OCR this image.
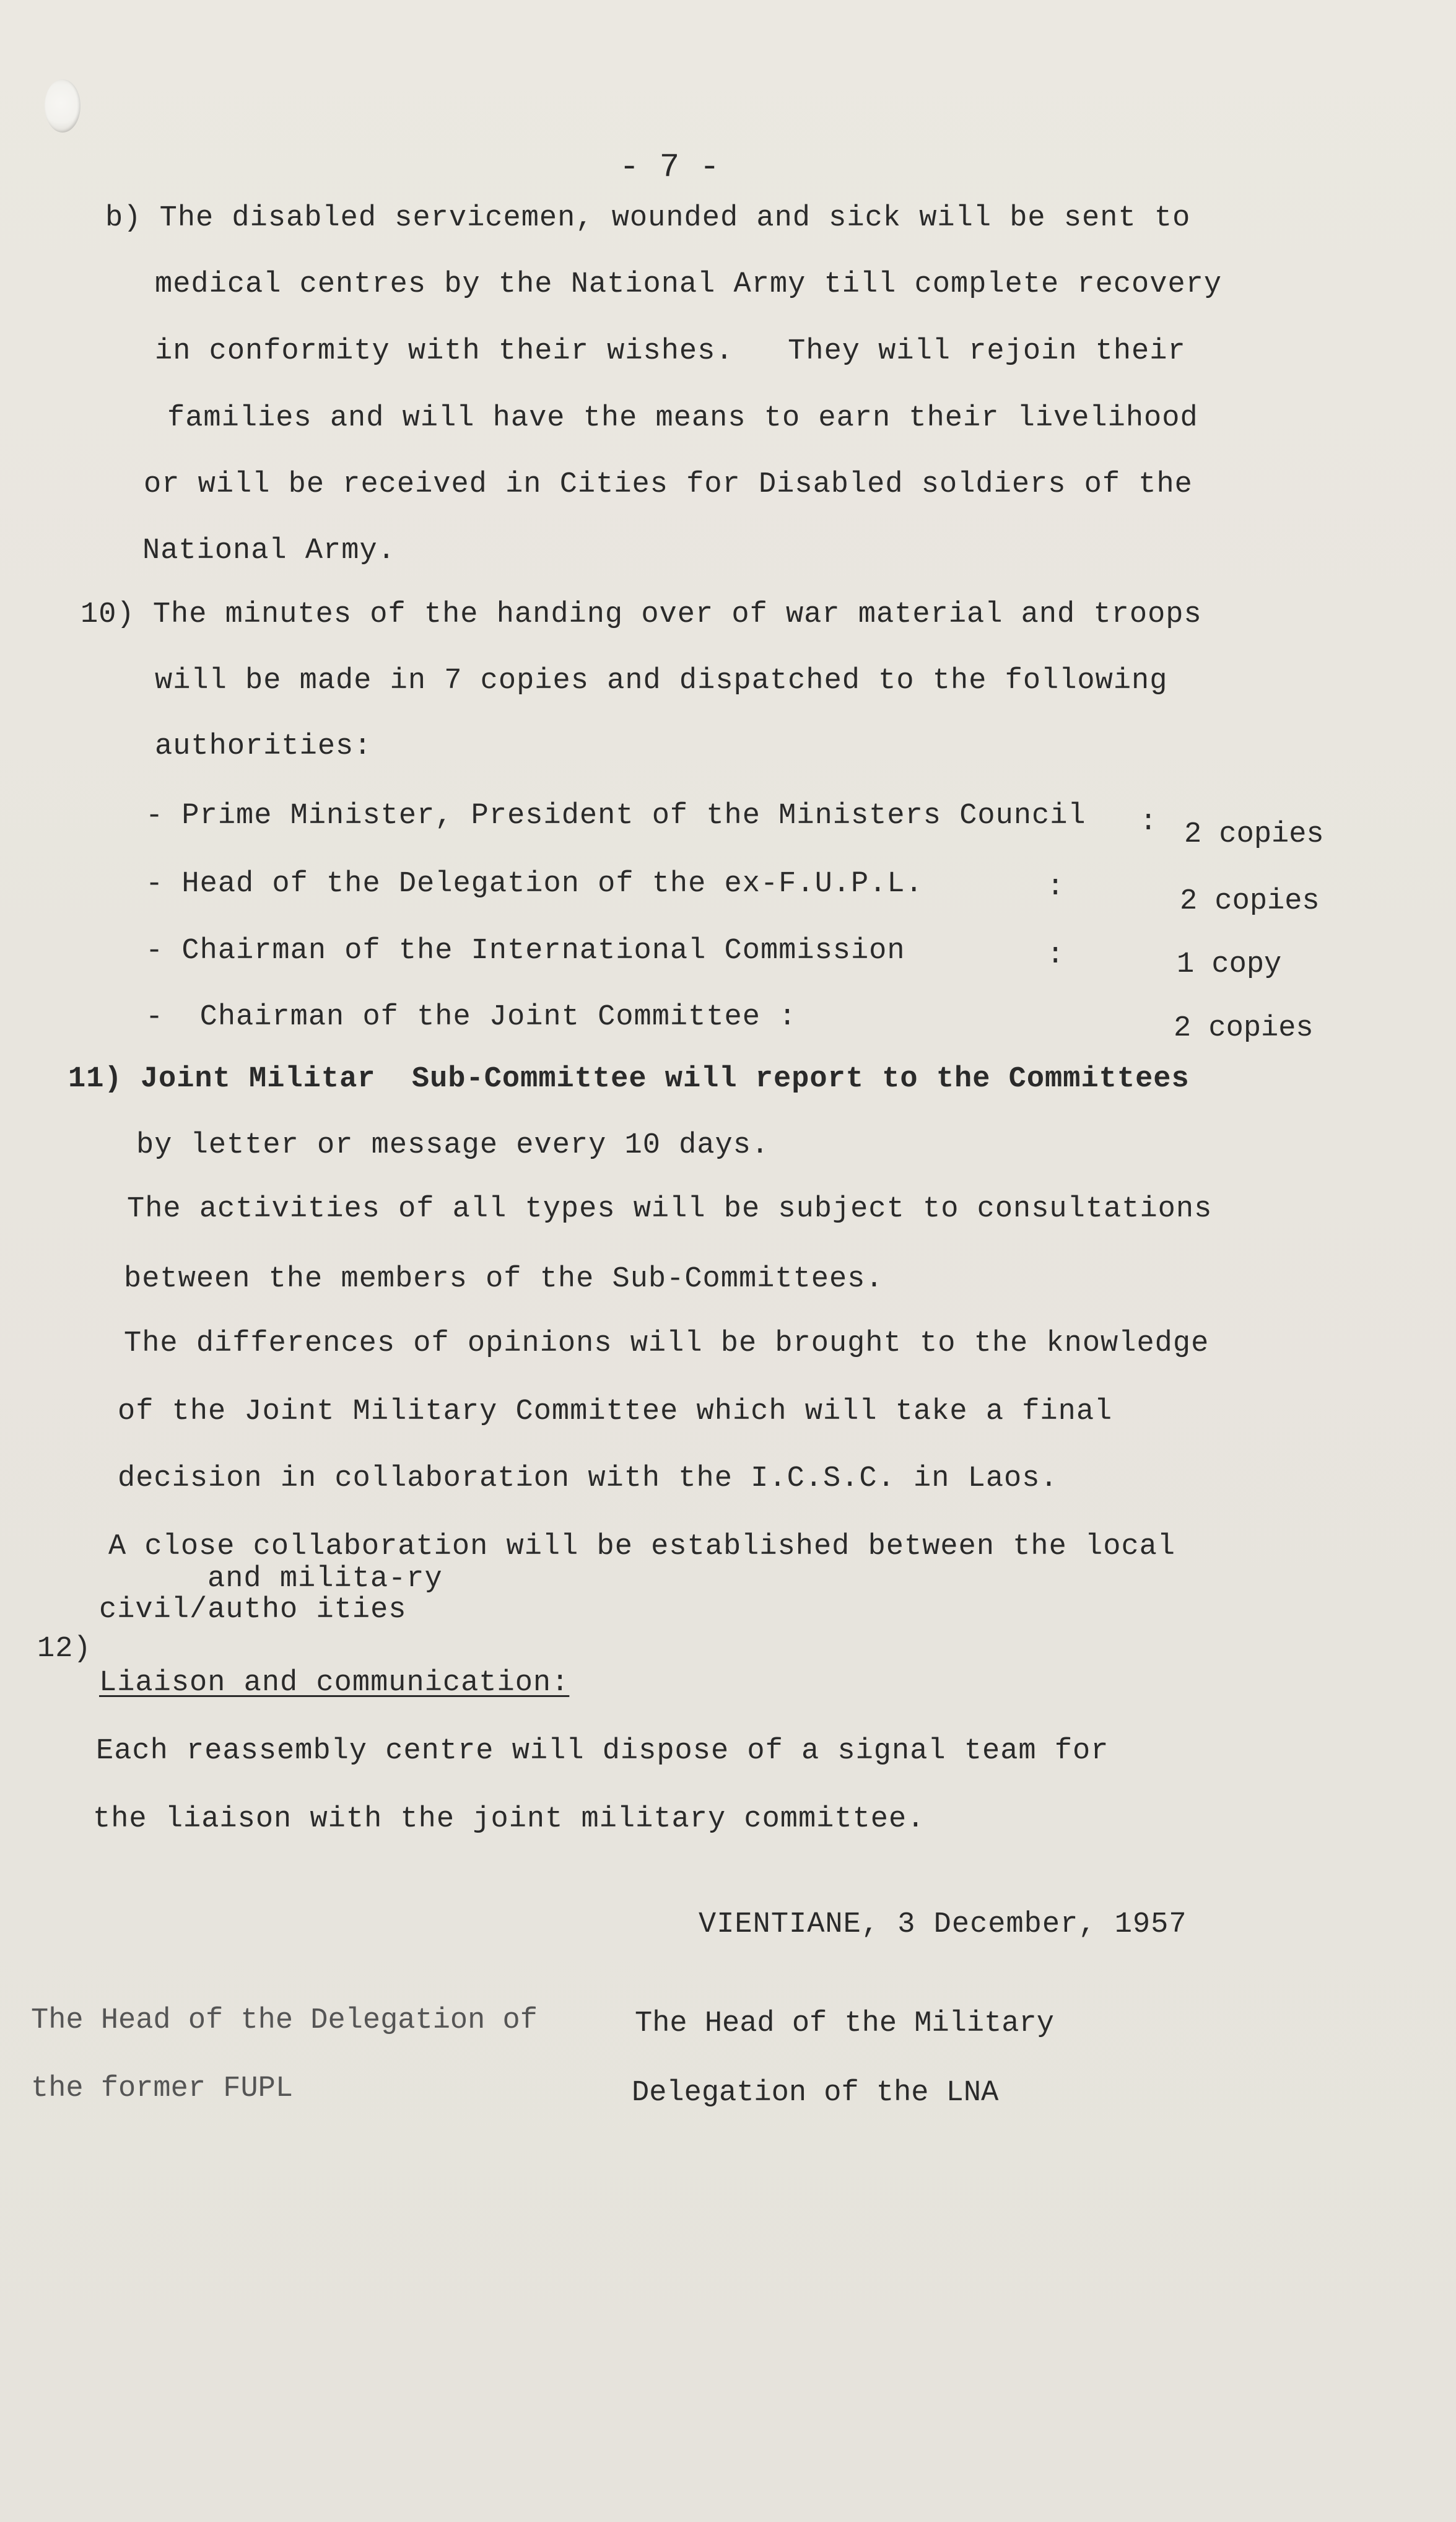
- 7 -
b) The disabled servicemen, wounded and sick will be sent to
medical centres by the National Army till complete recovery
in conformity with their wishes.   They will rejoin their
families and will have the means to earn their livelihood
or will be received in Cities for Disabled soldiers of the
National Army.
10) The minutes of the handing over of war material and troops
will be made in 7 copies and dispatched to the following
authorities:
- Prime Minister, President of the Ministers Council : 2 copies
- Head of the Delegation of the ex-F.U.P.L.	:	2 copies
- Chairman of the International Commission	:	1 copy
-  Chairman of the Joint Committee :	2 copies
11) Joint Militar  Sub-Committee will report to the Committees
by letter or message every 10 days.
The activities of all types will be subject to consultations
between the members of the Sub-Committees.
The differences of opinions will be brought to the knowledge
of the Joint Military Committee which will take a final
decision in collaboration with the I.C.S.C. in Laos.
A close collaboration will be established between the local
and milita-ry
civil/autho ities
12)
Liaison and communication:
Each reassembly centre will dispose of a signal team for
the liaison with the joint military committee.
VIENTIANE, 3 December, 1957
The Head of the Delegation of
the former FUPL
The Head of the Military
Delegation of the LNA
